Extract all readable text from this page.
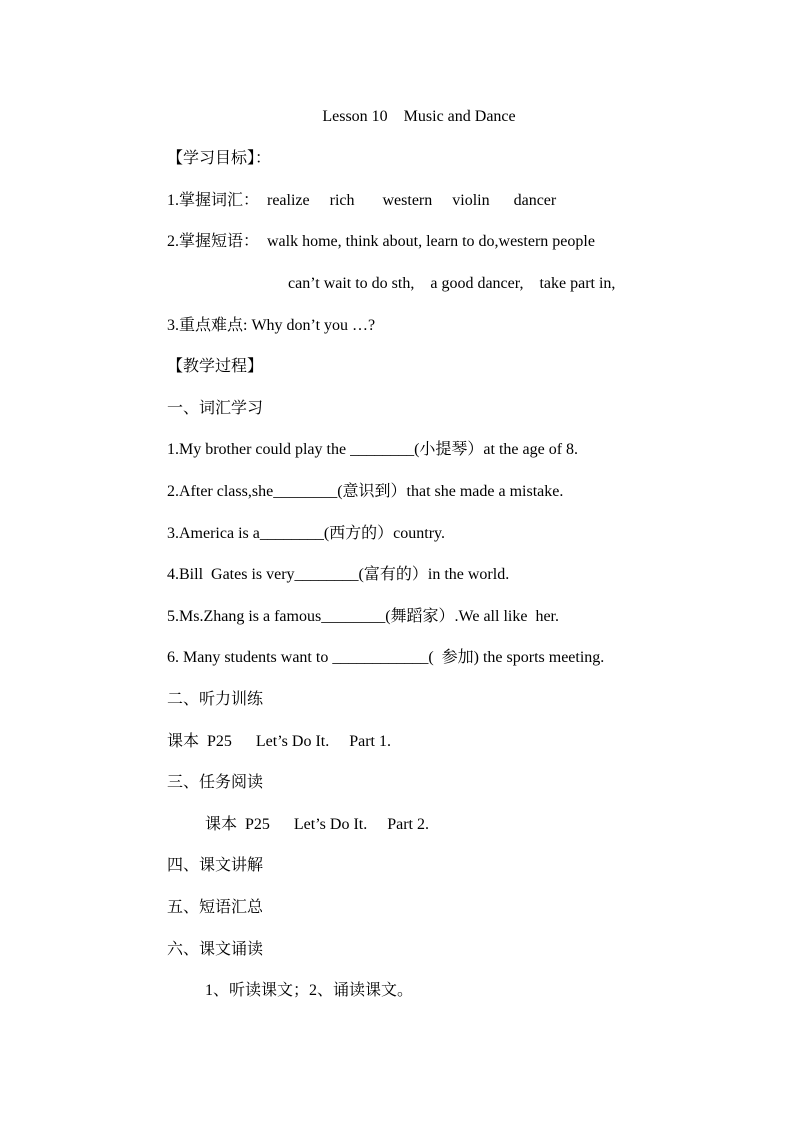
Lesson 10    Music and Dance
【学习目标】：
1.掌握词汇：  realize     rich       western     violin      dancer
2.掌握短语：  walk home, think about, learn to do,western people
can’t wait to do sth,    a good dancer,    take part in,
3.重点难点: Why don’t you …?
【教学过程】
一、词汇学习
1.My brother could play the ________(小提琴）at the age of 8.
2.After class,she________(意识到）that she made a mistake.
3.America is a________(西方的）country.
4.Bill  Gates is very________(富有的）in the world.
5.Ms.Zhang is a famous________(舞蹈家）.We all like  her.
6. Many students want to ____________(  参加) the sports meeting.
二、听力训练
课本  P25      Let’s Do It.     Part 1.
三、任务阅读
课本  P25      Let’s Do It.     Part 2.
四、课文讲解
五、短语汇总
六、课文诵读
1、听读课文；2、诵读课文。
